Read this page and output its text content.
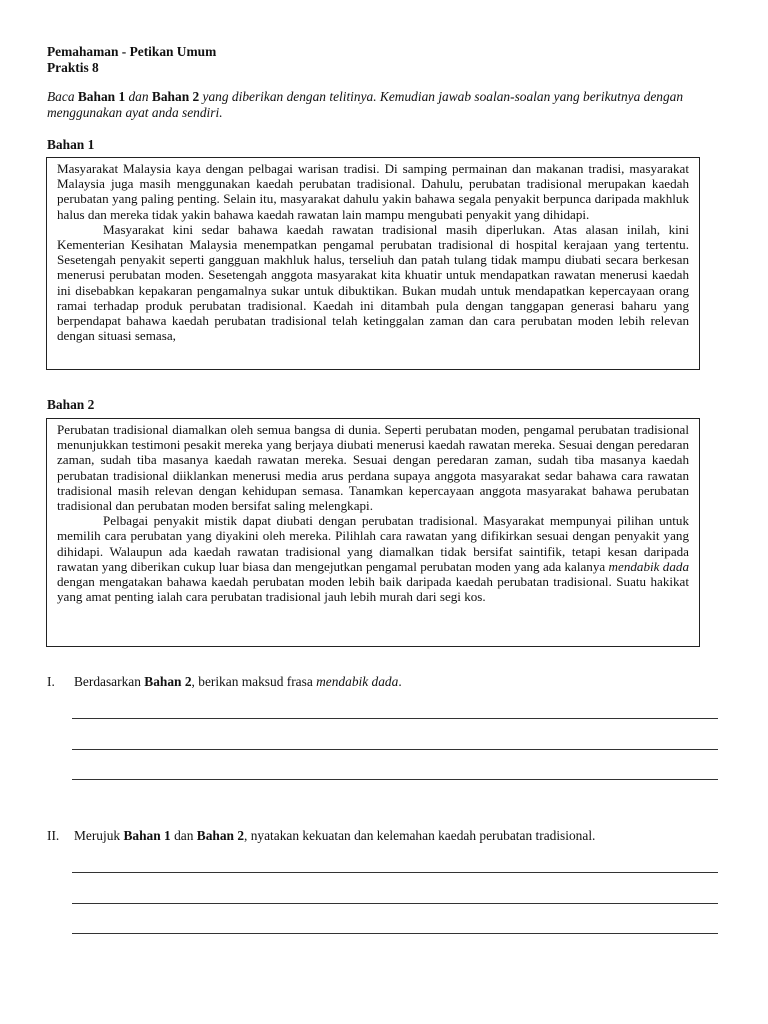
Pemahaman - Petikan Umum
Praktis 8
Baca Bahan 1 dan Bahan 2 yang diberikan dengan telitinya. Kemudian jawab soalan-soalan yang berikutnya dengan menggunakan ayat anda sendiri.
Bahan 1

Masyarakat Malaysia kaya dengan pelbagai warisan tradisi. Di samping permainan dan makanan tradisi, masyarakat Malaysia juga masih menggunakan kaedah perubatan tradisional. Dahulu, perubatan tradisional merupakan kaedah perubatan yang paling penting. Selain itu, masyarakat dahulu yakin bahawa segala penyakit berpunca daripada makhluk halus dan mereka tidak yakin bahawa kaedah rawatan lain mampu mengubati penyakit yang dihidapi.

Masyarakat kini sedar bahawa kaedah rawatan tradisional masih diperlukan. Atas alasan inilah, kini Kementerian Kesihatan Malaysia menempatkan pengamal perubatan tradisional di hospital kerajaan yang tertentu. Sesetengah penyakit seperti gangguan makhluk halus, terseliuh dan patah tulang tidak mampu diubati secara berkesan menerusi perubatan moden. Sesetengah anggota masyarakat kita khuatir untuk mendapatkan rawatan menerusi kaedah ini disebabkan kepakaran pengamalnya sukar untuk dibuktikan. Bukan mudah untuk mendapatkan kepercayaan orang ramai terhadap produk perubatan tradisional. Kaedah ini ditambah pula dengan tanggapan generasi baharu yang berpendapat bahawa kaedah perubatan tradisional telah ketinggalan zaman dan cara perubatan moden lebih relevan dengan situasi semasa,

Bahan 2

Perubatan tradisional diamalkan oleh semua bangsa di dunia. Seperti perubatan moden, pengamal perubatan tradisional menunjukkan testimoni pesakit mereka yang berjaya diubati menerusi kaedah rawatan mereka. Sesuai dengan peredaran zaman, sudah tiba masanya kaedah rawatan mereka. Sesuai dengan peredaran zaman, sudah tiba masanya kaedah perubatan tradisional diiklankan menerusi media arus perdana supaya anggota masyarakat sedar bahawa cara rawatan tradisional masih relevan dengan kehidupan semasa. Tanamkan kepercayaan anggota masyarakat bahawa perubatan tradisional dan perubatan moden bersifat saling melengkapi.

Pelbagai penyakit mistik dapat diubati dengan perubatan tradisional. Masyarakat mempunyai pilihan untuk memilih cara perubatan yang diyakini oleh mereka. Pilihlah cara rawatan yang difikirkan sesuai dengan penyakit yang dihidapi. Walaupun ada kaedah rawatan tradisional yang diamalkan tidak bersifat saintifik, tetapi kesan daripada rawatan yang diberikan cukup luar biasa dan mengejutkan pengamal perubatan moden yang ada kalanya mendabik dada dengan mengatakan bahawa kaedah perubatan moden lebih baik daripada kaedah perubatan tradisional. Suatu hakikat yang amat penting ialah cara perubatan tradisional jauh lebih murah dari segi kos.

I. Berdasarkan Bahan 2, berikan maksud frasa mendabik dada.
II. Merujuk Bahan 1 dan Bahan 2, nyatakan kekuatan dan kelemahan kaedah perubatan tradisional.
